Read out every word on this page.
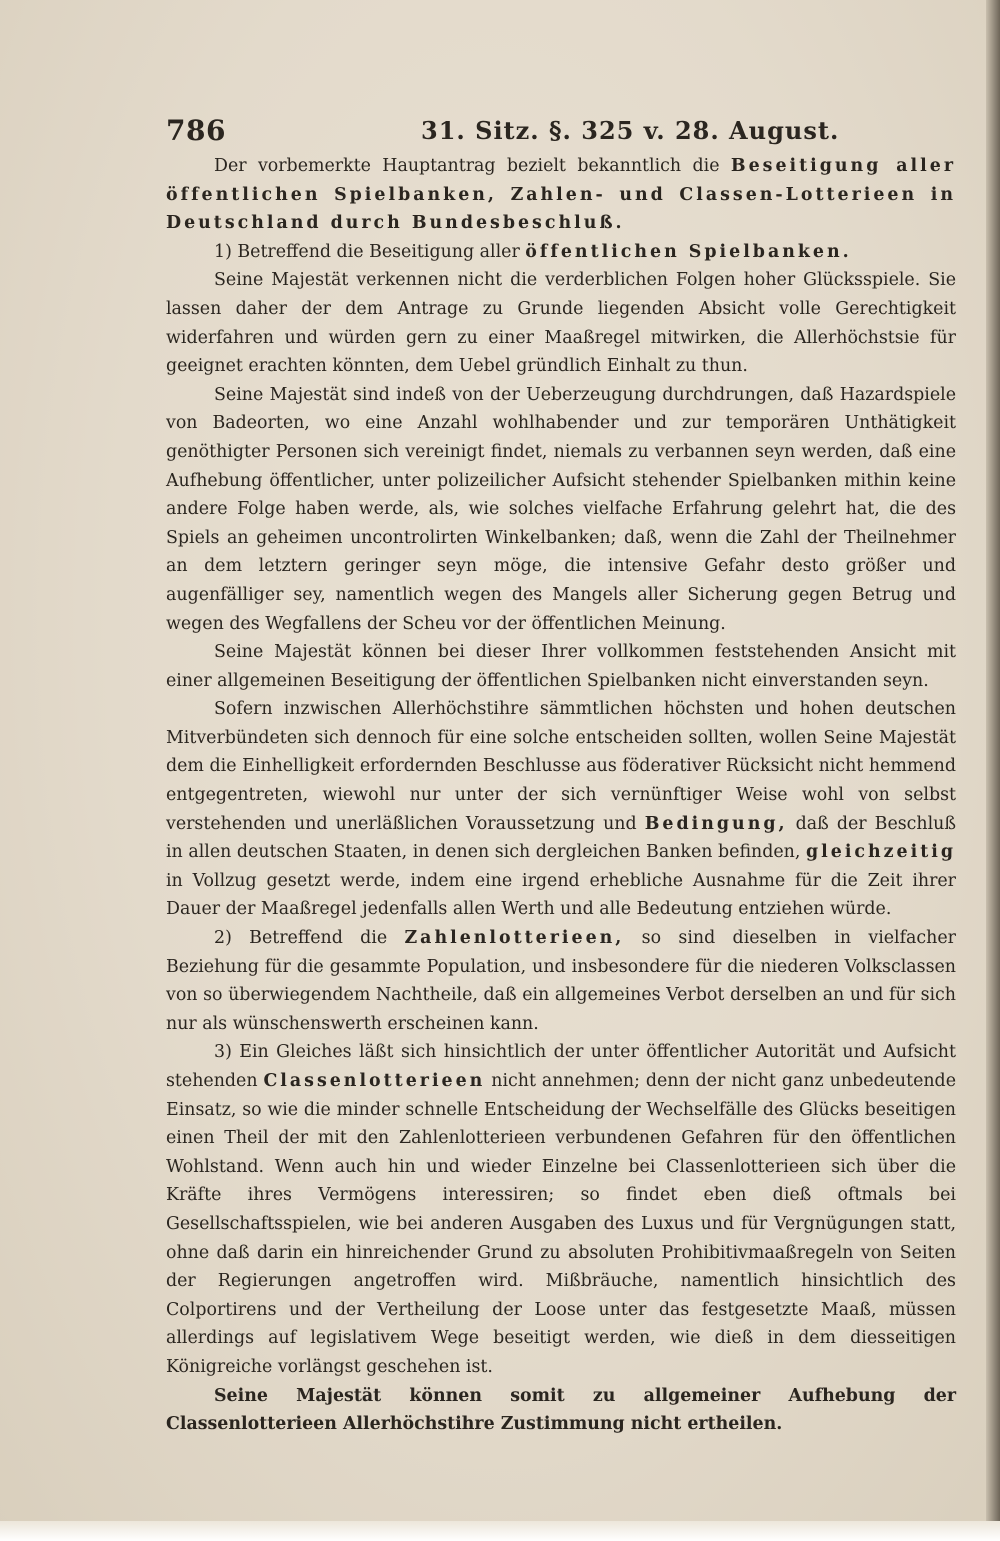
786	31. Sitz. §. 325 v. 28. August.

Der vorbemerkte Hauptantrag bezielt bekanntlich die Beseitigung aller öffentlichen Spielbanken, Zahlen- und Classen-Lotterieen in Deutschland durch Bundesbeschluß.

1) Betreffend die Beseitigung aller öffentlichen Spielbanken.

Seine Majestät verkennen nicht die verderblichen Folgen hoher Glücksspiele. Sie lassen daher der dem Antrage zu Grunde liegenden Absicht volle Gerechtigkeit widerfahren und würden gern zu einer Maaßregel mitwirken, die Allerhöchstsie für geeignet erachten könnten, dem Uebel gründlich Einhalt zu thun.

Seine Majestät sind indeß von der Ueberzeugung durchdrungen, daß Hazardspiele von Badeorten, wo eine Anzahl wohlhabender und zur temporären Unthätigkeit genöthigter Personen sich vereinigt findet, niemals zu verbannen seyn werden, daß eine Aufhebung öffentlicher, unter polizeilicher Aufsicht stehender Spielbanken mithin keine andere Folge haben werde, als, wie solches vielfache Erfahrung gelehrt hat, die des Spiels an geheimen uncontrolirten Winkelbanken; daß, wenn die Zahl der Theilnehmer an dem letztern geringer seyn möge, die intensive Gefahr desto größer und augenfälliger sey, namentlich wegen des Mangels aller Sicherung gegen Betrug und wegen des Wegfallens der Scheu vor der öffentlichen Meinung.

Seine Majestät können bei dieser Ihrer vollkommen feststehenden Ansicht mit einer allgemeinen Beseitigung der öffentlichen Spielbanken nicht einverstanden seyn.

Sofern inzwischen Allerhöchstihre sämmtlichen höchsten und hohen deutschen Mitverbündeten sich dennoch für eine solche entscheiden sollten, wollen Seine Majestät dem die Einhelligkeit erfordernden Beschlusse aus föderativer Rücksicht nicht hemmend entgegentreten, wiewohl nur unter der sich vernünftiger Weise wohl von selbst verstehenden und unerläßlichen Voraussetzung und Bedingung, daß der Beschluß in allen deutschen Staaten, in denen sich dergleichen Banken befinden, gleichzeitig in Vollzug gesetzt werde, indem eine irgend erhebliche Ausnahme für die Zeit ihrer Dauer der Maaßregel jedenfalls allen Werth und alle Bedeutung entziehen würde.

2) Betreffend die Zahlenlotterieen, so sind dieselben in vielfacher Beziehung für die gesammte Population, und insbesondere für die niederen Volksclassen von so überwiegendem Nachtheile, daß ein allgemeines Verbot derselben an und für sich nur als wünschenswerth erscheinen kann.

3) Ein Gleiches läßt sich hinsichtlich der unter öffentlicher Autorität und Aufsicht stehenden Classenlotterieen nicht annehmen; denn der nicht ganz unbedeutende Einsatz, so wie die minder schnelle Entscheidung der Wechselfälle des Glücks beseitigen einen Theil der mit den Zahlenlotterieen verbundenen Gefahren für den öffentlichen Wohlstand. Wenn auch hin und wieder Einzelne bei Classenlotterieen sich über die Kräfte ihres Vermögens interessiren; so findet eben dieß oftmals bei Gesellschaftsspielen, wie bei anderen Ausgaben des Luxus und für Vergnügungen statt, ohne daß darin ein hinreichender Grund zu absoluten Prohibitivmaaßregeln von Seiten der Regierungen angetroffen wird. Mißbräuche, namentlich hinsichtlich des Colportirens und der Vertheilung der Loose unter das festgesetzte Maaß, müssen allerdings auf legislativem Wege beseitigt werden, wie dieß in dem diesseitigen Königreiche vorlängst geschehen ist.

Seine Majestät können somit zu allgemeiner Aufhebung der Classenlotterieen Allerhöchstihre Zustimmung nicht ertheilen.
